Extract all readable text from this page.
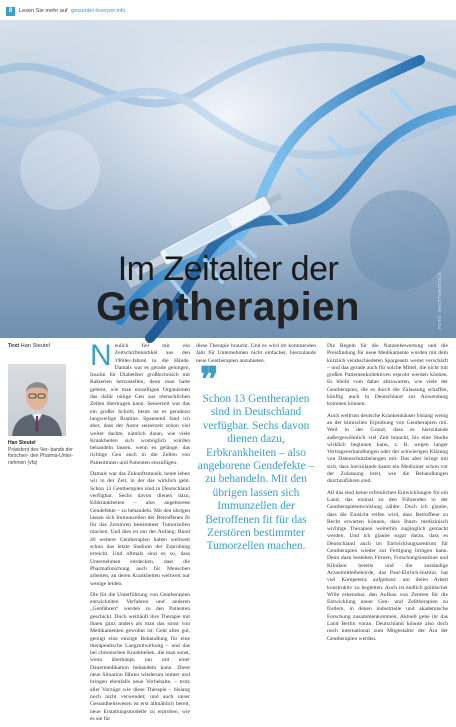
8	Lesen Sie mehr auf gesunder-koerper.info
FOTO: SHUTTERSTOCK
Im Zeitalter der
Gentherapien
Text Han Steutel
Han Steutel
Präsident des Ver- bands der forschen- den Pharma-Unter- nehmen (vfa)

Neulich fiel mir ein Zeitschriftenartikel aus den 1960er-Jahren in die Hände. Damals war es gerade gelungen, Insulin für Diabetiker großtechnisch mit Bakterien herzustellen; denn man hatte gelernt, wie man einzelligen Organismen das dafür nötige Gen aus menschlichen Zellen übertragen kann. Seinerzeit war das ein großer Schritt; heute ist es geradezu langweilige Routine. Spannend fand ich aber, dass der Autor seinerzeit schon viel weiter dachte, nämlich daran, wie viele Krankheiten sich womöglich würden behandeln lassen, wenn es gelänge, das richtige Gen auch in die Zellen von Patientinnen und Patienten einzufügen.

Damals war das Zukunftsmusik; heute leben wir in der Zeit, in der das wirklich geht. Schon 13 Gentherapien sind in Deutschland verfügbar. Sechs davon dienen dazu, Erbkrankheiten – also angeborene Gendefekte – zu behandeln. Mit den übrigen lassen sich Immunzellen der Betroffenen fit für das Zerstören bestimmter Tumorzellen machen. Und dies ist nur der Anfang: Rund 40 weitere Gentherapien haben weltweit schon das letzte Stadium der Erprobung erreicht. Und oftmals sind es so, dass Unternehmen entdecken, dass die Pharmaforschung auch für Menschen arbeiten, an deren Krankheiten weltweit nur wenige leiden.

Die für die Unterführung von Gentherapien entwickelten Verfahren und anderen „Genfähren“ werden zu den Patienten geschickt. Doch weitläufi ihre Therapie mit ihnen ganz anders als man das sonst von Medikamenten gewohnt ist: Geht alles gut, genügt eine einzige Behandlung für eine therapeutische Langzeitwirkung – und das bei chronischen Krankheiten, die man sonst, wenn überhaupt, nur mit einer Dauermedikation behandeln kann. Diese neue Situation führen wiederum immer und bringen ebenfalls neue Vorbehalte, – trotz aller Vorzüge wie diese Therapie – bislang noch nicht verwendet; und auch unser Gesundheitswesen ist erst allmählich bereit, neue Erstattungsmodelle zu erproben, wie es sie für

diese Therapie braucht. Und es wird im kommenden Jahr für Unternehmen nicht einfacher, hierzulande neue Gentherapien anzubieten.

❞
Schon 13 Gentherapien sind in Deutschland verfügbar. Sechs davon dienen dazu, Erbkrankheiten – also angeborene Gendefekte – zu behandeln. Mit den übrigen lassen sich Immunzellen der Betroffenen fit für das Zerstören bestimmter Tumorzellen machen.

Die Regeln für die Nutzenbewertung und die Preisfindung für neue Medikamente wurden mit dem kürzlich verabschiedeten Spargesetz weiter verschärft – und das gerade auch für solche Mittel, die nicht mit großen Patientenkollektiven erprobt werden können. Es bleibt vom daher abzuwarten, wie viele der Gentherapien, die es durch die Zulassung schaffen, künftig auch in Deutschland zur Anwendung kommen können.

Auch weltrum deutsche Krankenhäuser bislang wenig an der klinischen Erprobung von Gentherapien mit. Weil in der Grund, dass es hierzulande außergewöhnlich viel Zeit braucht, bis eine Studie wirklich beginnen kann, z. B. wegen langer Vertragsverhandlungen oder der schwierigen Klärung von Datenschutzbelangen mit. Das aber bringt mit sich, dass hierzulande kaum ein Mediziner schon vor der Zulassung breit, wie die Behandlungen durchzuführen sind.

All das sind keine erfreulichen Entwicklungen für ein Land, das einmal zu den Führenden in der Gentherapieentwicklung zählte. Doch ich glaube, dass die Einsicht reifen wird, dass Betroffene zu Recht erwarten können, dass Ihnen medizinisch wichtige Therapien weiterhin zugänglich gemacht werden. Und ich glaube sogar daran, dass es Deutschland auch im Entwicklungszentrum für Gentherapien wieder zur Fertigung bringen kann. Denn dazu bestehen Firmen, Forschungsinstitute und Kliniken bereits und die zuständige Arzneimittelbehörde, das Paul-Ehrlich-Institut, hat viel Kompetenz aufgebaut; um deren Arbeit konstruktiv zu begleiten. Auch ist endlich politischer Wille erkennbar, den Aufbau von Zentren für die Entwicklung neuer Gen- und Zelltherapien zu fördern, in denen industrielle und akademische Forschung zusammenkommen. Aktuell gehe ihr das Land Berlin voran. Deutschland könnte also doch noch international zum Mitgestalter der Ära der Gentherapien werden.
